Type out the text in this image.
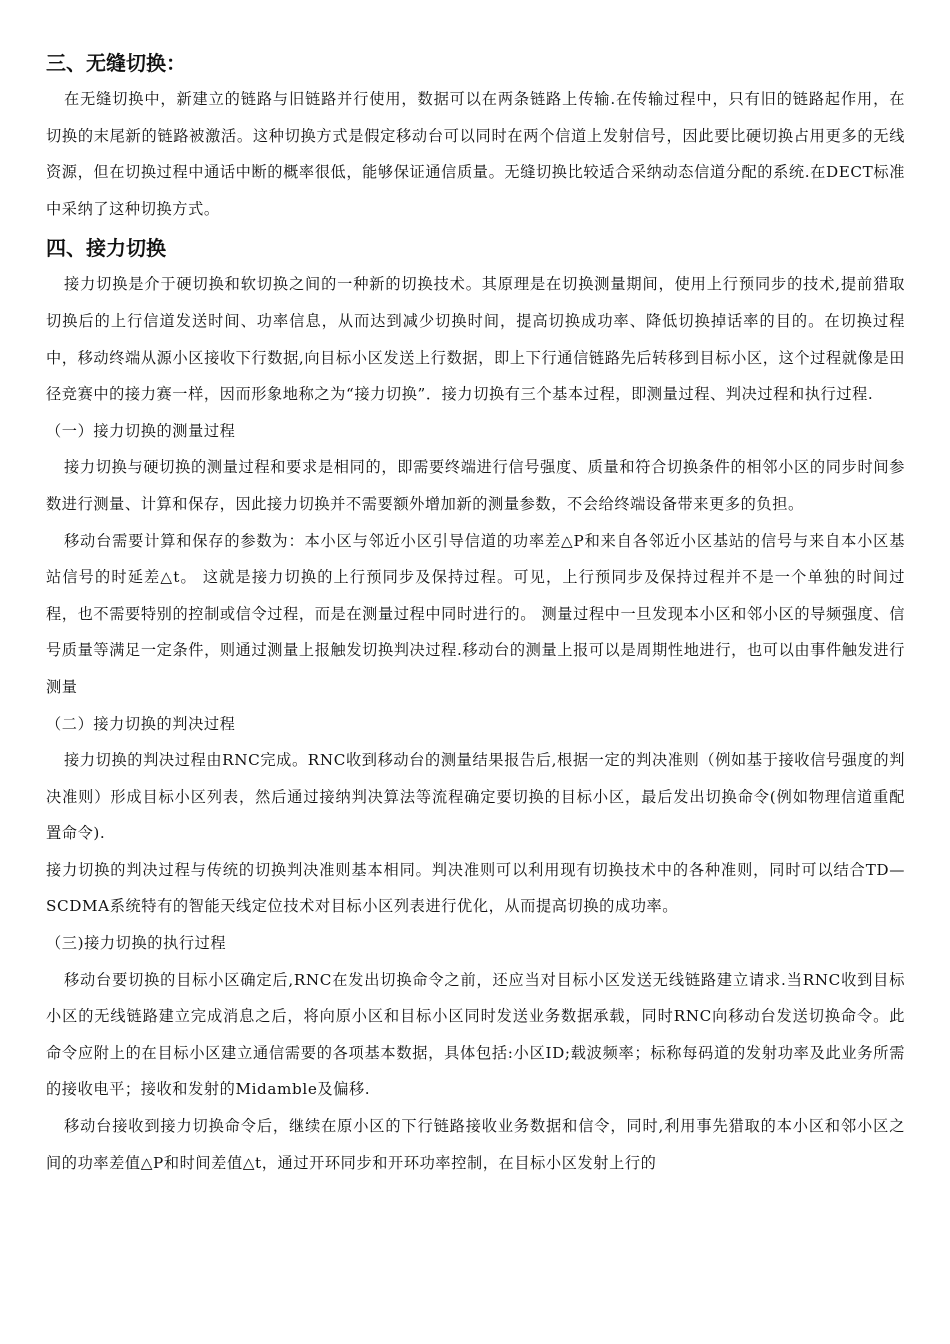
三、无缝切换：

在无缝切换中，新建立的链路与旧链路并行使用，数据可以在两条链路上传输.在传输过程中，只有旧的链路起作用，在切换的末尾新的链路被激活。这种切换方式是假定移动台可以同时在两个信道上发射信号，因此要比硬切换占用更多的无线资源，但在切换过程中通话中断的概率很低，能够保证通信质量。无缝切换比较适合采纳动态信道分配的系统.在DECT标准中采纳了这种切换方式。

四、接力切换

接力切换是介于硬切换和软切换之间的一种新的切换技术。其原理是在切换测量期间，使用上行预同步的技术,提前猎取切换后的上行信道发送时间、功率信息，从而达到减少切换时间，提高切换成功率、降低切换掉话率的目的。在切换过程中，移动终端从源小区接收下行数据,向目标小区发送上行数据，即上下行通信链路先后转移到目标小区，这个过程就像是田径竞赛中的接力赛一样，因而形象地称之为“接力切换”．接力切换有三个基本过程，即测量过程、判决过程和执行过程.

（一）接力切换的测量过程

接力切换与硬切换的测量过程和要求是相同的，即需要终端进行信号强度、质量和符合切换条件的相邻小区的同步时间参数进行测量、计算和保存，因此接力切换并不需要额外增加新的测量参数，不会给终端设备带来更多的负担。

移动台需要计算和保存的参数为：本小区与邻近小区引导信道的功率差△P和来自各邻近小区基站的信号与来自本小区基站信号的时延差△t。 这就是接力切换的上行预同步及保持过程。可见，上行预同步及保持过程并不是一个单独的时间过程，也不需要特别的控制或信令过程，而是在测量过程中同时进行的。 测量过程中一旦发现本小区和邻小区的导频强度、信号质量等满足一定条件，则通过测量上报触发切换判决过程.移动台的测量上报可以是周期性地进行，也可以由事件触发进行测量

（二）接力切换的判决过程

接力切换的判决过程由RNC完成。RNC收到移动台的测量结果报告后,根据一定的判决准则（例如基于接收信号强度的判决准则）形成目标小区列表，然后通过接纳判决算法等流程确定要切换的目标小区，最后发出切换命令(例如物理信道重配置命令).

接力切换的判决过程与传统的切换判决准则基本相同。判决准则可以利用现有切换技术中的各种准则，同时可以结合TD—SCDMA系统特有的智能天线定位技术对目标小区列表进行优化，从而提高切换的成功率。

（三)接力切换的执行过程

移动台要切换的目标小区确定后,RNC在发出切换命令之前，还应当对目标小区发送无线链路建立请求.当RNC收到目标小区的无线链路建立完成消息之后，将向原小区和目标小区同时发送业务数据承载，同时RNC向移动台发送切换命令。此命令应附上的在目标小区建立通信需要的各项基本数据，具体包括:小区ID;载波频率；标称每码道的发射功率及此业务所需的接收电平；接收和发射的Midamble及偏移.

移动台接收到接力切换命令后，继续在原小区的下行链路接收业务数据和信令，同时,利用事先猎取的本小区和邻小区之间的功率差值△P和时间差值△t，通过开环同步和开环功率控制，在目标小区发射上行的
